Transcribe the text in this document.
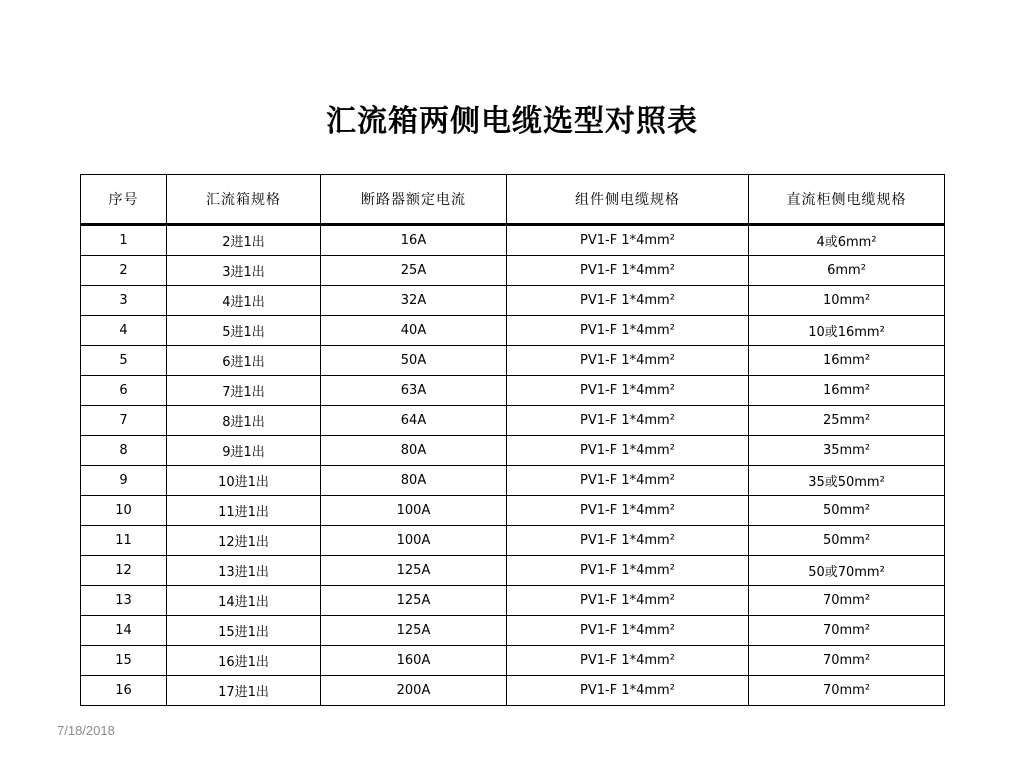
汇流箱两侧电缆选型对照表
序号	汇流箱规格	断路器额定电流	组件侧电缆规格	直流柜侧电缆规格
1	2进1出	16A	PV1-F 1*4mm²	4或6mm²
2	3进1出	25A	PV1-F 1*4mm²	6mm²
3	4进1出	32A	PV1-F 1*4mm²	10mm²
4	5进1出	40A	PV1-F 1*4mm²	10或16mm²
5	6进1出	50A	PV1-F 1*4mm²	16mm²
6	7进1出	63A	PV1-F 1*4mm²	16mm²
7	8进1出	64A	PV1-F 1*4mm²	25mm²
8	9进1出	80A	PV1-F 1*4mm²	35mm²
9	10进1出	80A	PV1-F 1*4mm²	35或50mm²
10	11进1出	100A	PV1-F 1*4mm²	50mm²
11	12进1出	100A	PV1-F 1*4mm²	50mm²
12	13进1出	125A	PV1-F 1*4mm²	50或70mm²
13	14进1出	125A	PV1-F 1*4mm²	70mm²
14	15进1出	125A	PV1-F 1*4mm²	70mm²
15	16进1出	160A	PV1-F 1*4mm²	70mm²
16	17进1出	200A	PV1-F 1*4mm²	70mm²
7/18/2018
